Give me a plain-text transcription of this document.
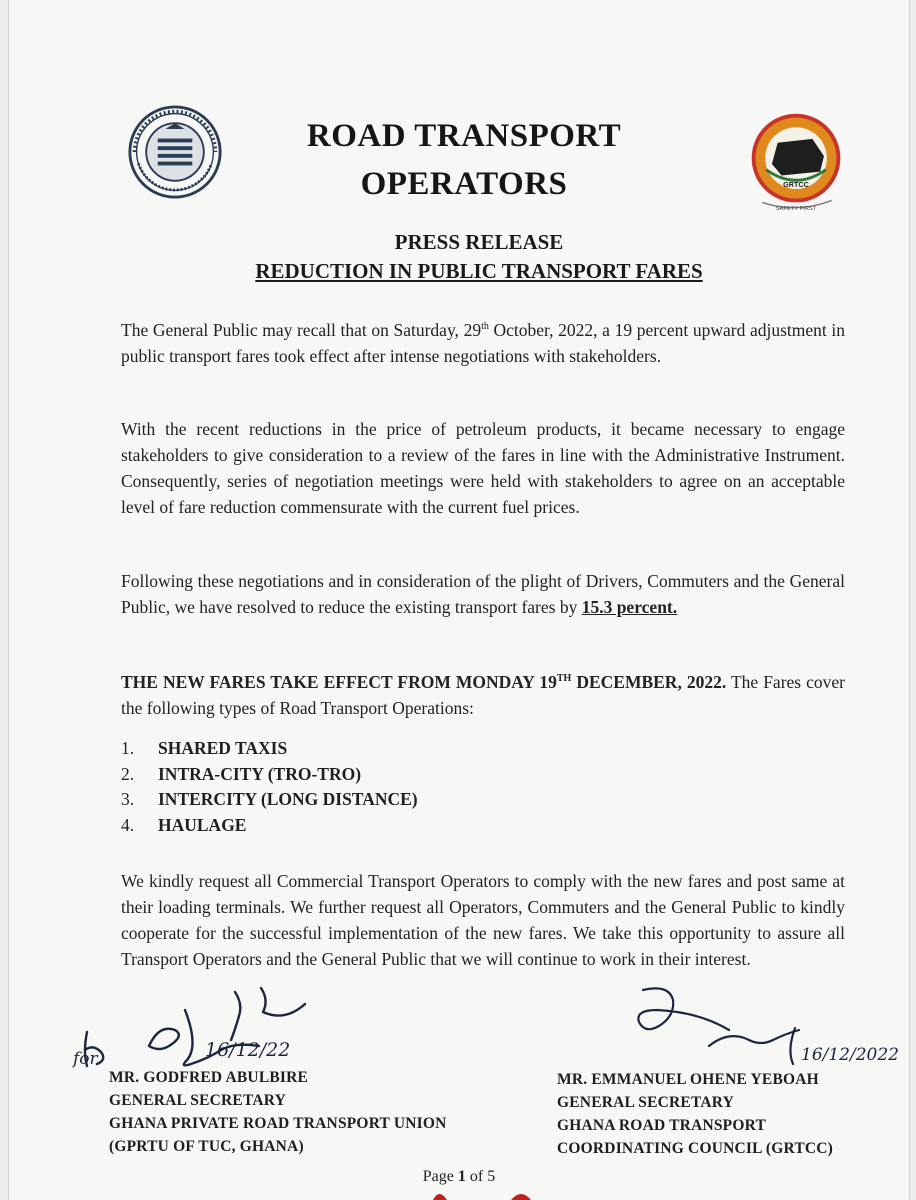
GRTCC
SAFETY FIRST
ROAD TRANSPORT
OPERATORS
PRESS RELEASE
REDUCTION IN PUBLIC TRANSPORT FARES

The General Public may recall that on Saturday, 29th October, 2022, a 19 percent upward adjustment in public transport fares took effect after intense negotiations with stakeholders.

With the recent reductions in the price of petroleum products, it became necessary to engage stakeholders to give consideration to a review of the fares in line with the Administrative Instrument. Consequently, series of negotiation meetings were held with stakeholders to agree on an acceptable level of fare reduction commensurate with the current fuel prices.

Following these negotiations and in consideration of the plight of Drivers, Commuters and the General Public, we have resolved to reduce the existing transport fares by 15.3 percent.

THE NEW FARES TAKE EFFECT FROM MONDAY 19TH DECEMBER, 2022. The Fares cover the following types of Road Transport Operations:

1.	SHARED TAXIS
2.	INTRA-CITY (TRO-TRO)
3.	INTERCITY (LONG DISTANCE)
4.	HAULAGE

We kindly request all Commercial Transport Operators to comply with the new fares and post same at their loading terminals. We further request all Operators, Commuters and the General Public to kindly cooperate for the successful implementation of the new fares. We take this opportunity to assure all Transport Operators and the General Public that we will continue to work in their interest.

for	16/12/22	16/12/2022
MR. GODFRED ABULBIRE
GENERAL SECRETARY
GHANA PRIVATE ROAD TRANSPORT UNION
(GPRTU OF TUC, GHANA)
MR. EMMANUEL OHENE YEBOAH
GENERAL SECRETARY
GHANA ROAD TRANSPORT
COORDINATING COUNCIL (GRTCC)
Page 1 of 5
